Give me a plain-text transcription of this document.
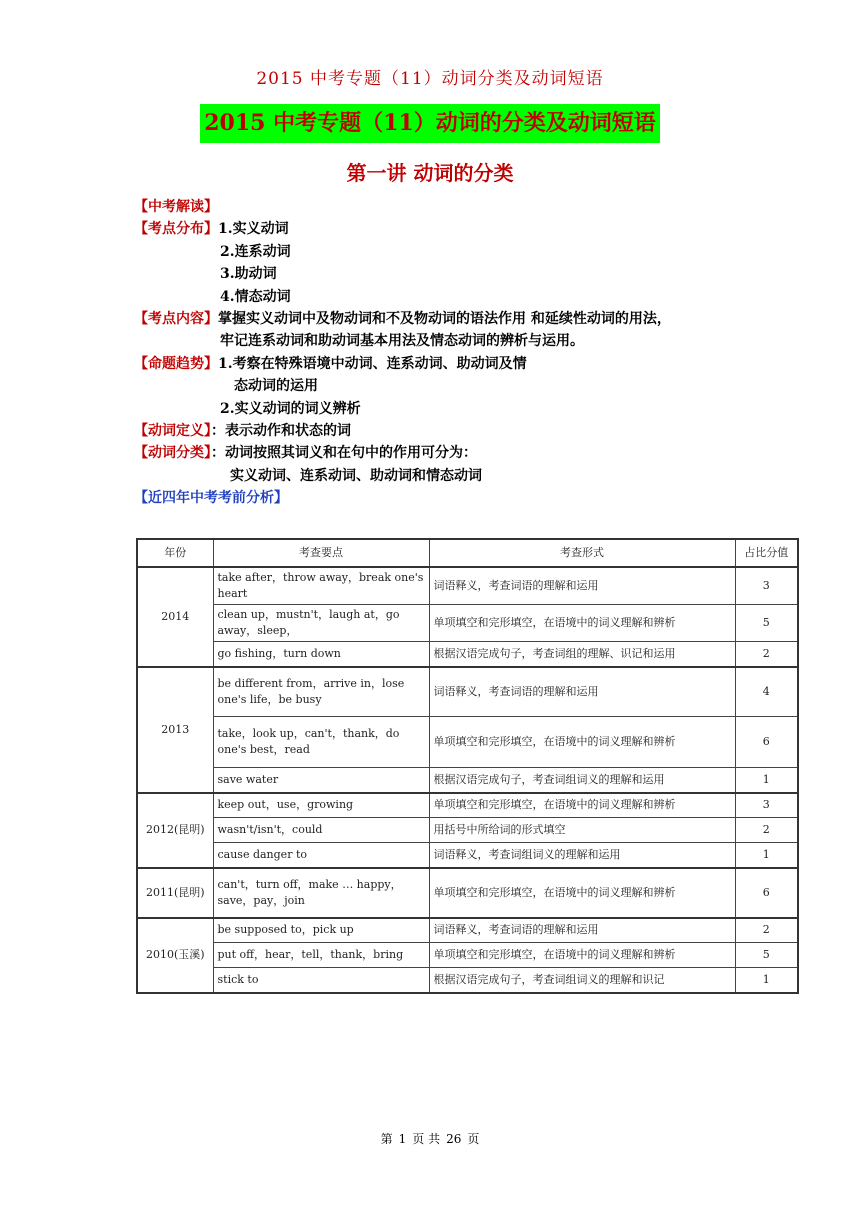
2015 中考专题（11）动词分类及动词短语
2015 中考专题（11）动词的分类及动词短语
第一讲 动词的分类
【中考解读】
【考点分布】1.实义动词
2.连系动词
3.助动词
4.情态动词
【考点内容】掌握实义动词中及物动词和不及物动词的语法作用 和延续性动词的用法，
牢记连系动词和助动词基本用法及情态动词的辨析与运用。
【命题趋势】1.考察在特殊语境中动词、连系动词、助动词及情
态动词的运用
2.实义动词的词义辨析
【动词定义】：表示动作和状态的词
【动词分类】：动词按照其词义和在句中的作用可分为：
实义动词、连系动词、助动词和情态动词
【近四年中考考前分析】
年份	考查要点	考查形式	占比分值
2014	take after，throw away，break one's heart	词语释义，考查词语的理解和运用	3
	clean up，mustn't，laugh at，go away，sleep，	单项填空和完形填空，在语境中的词义理解和辨析	5
	go fishing，turn down	根据汉语完成句子，考查词组的理解、识记和运用	2
2013	be different from，arrive in，lose one's life，be busy	词语释义，考查词语的理解和运用	4
	take，look up，can't，thank，do one's best，read	单项填空和完形填空，在语境中的词义理解和辨析	6
	save water	根据汉语完成句子，考查词组词义的理解和运用	1
2012(昆明)	keep out，use，growing	单项填空和完形填空，在语境中的词义理解和辨析	3
	wasn't/isn't，could	用括号中所给词的形式填空	2
	cause danger to	词语释义，考查词组词义的理解和运用	1
2011(昆明)	can't，turn off，make … happy，save，pay，join	单项填空和完形填空，在语境中的词义理解和辨析	6
2010(玉溪)	be supposed to，pick up	词语释义，考查词语的理解和运用	2
	put off，hear，tell，thank，bring	单项填空和完形填空，在语境中的词义理解和辨析	5
	stick to	根据汉语完成句子，考查词组词义的理解和识记	1
第 1 页 共 26 页
